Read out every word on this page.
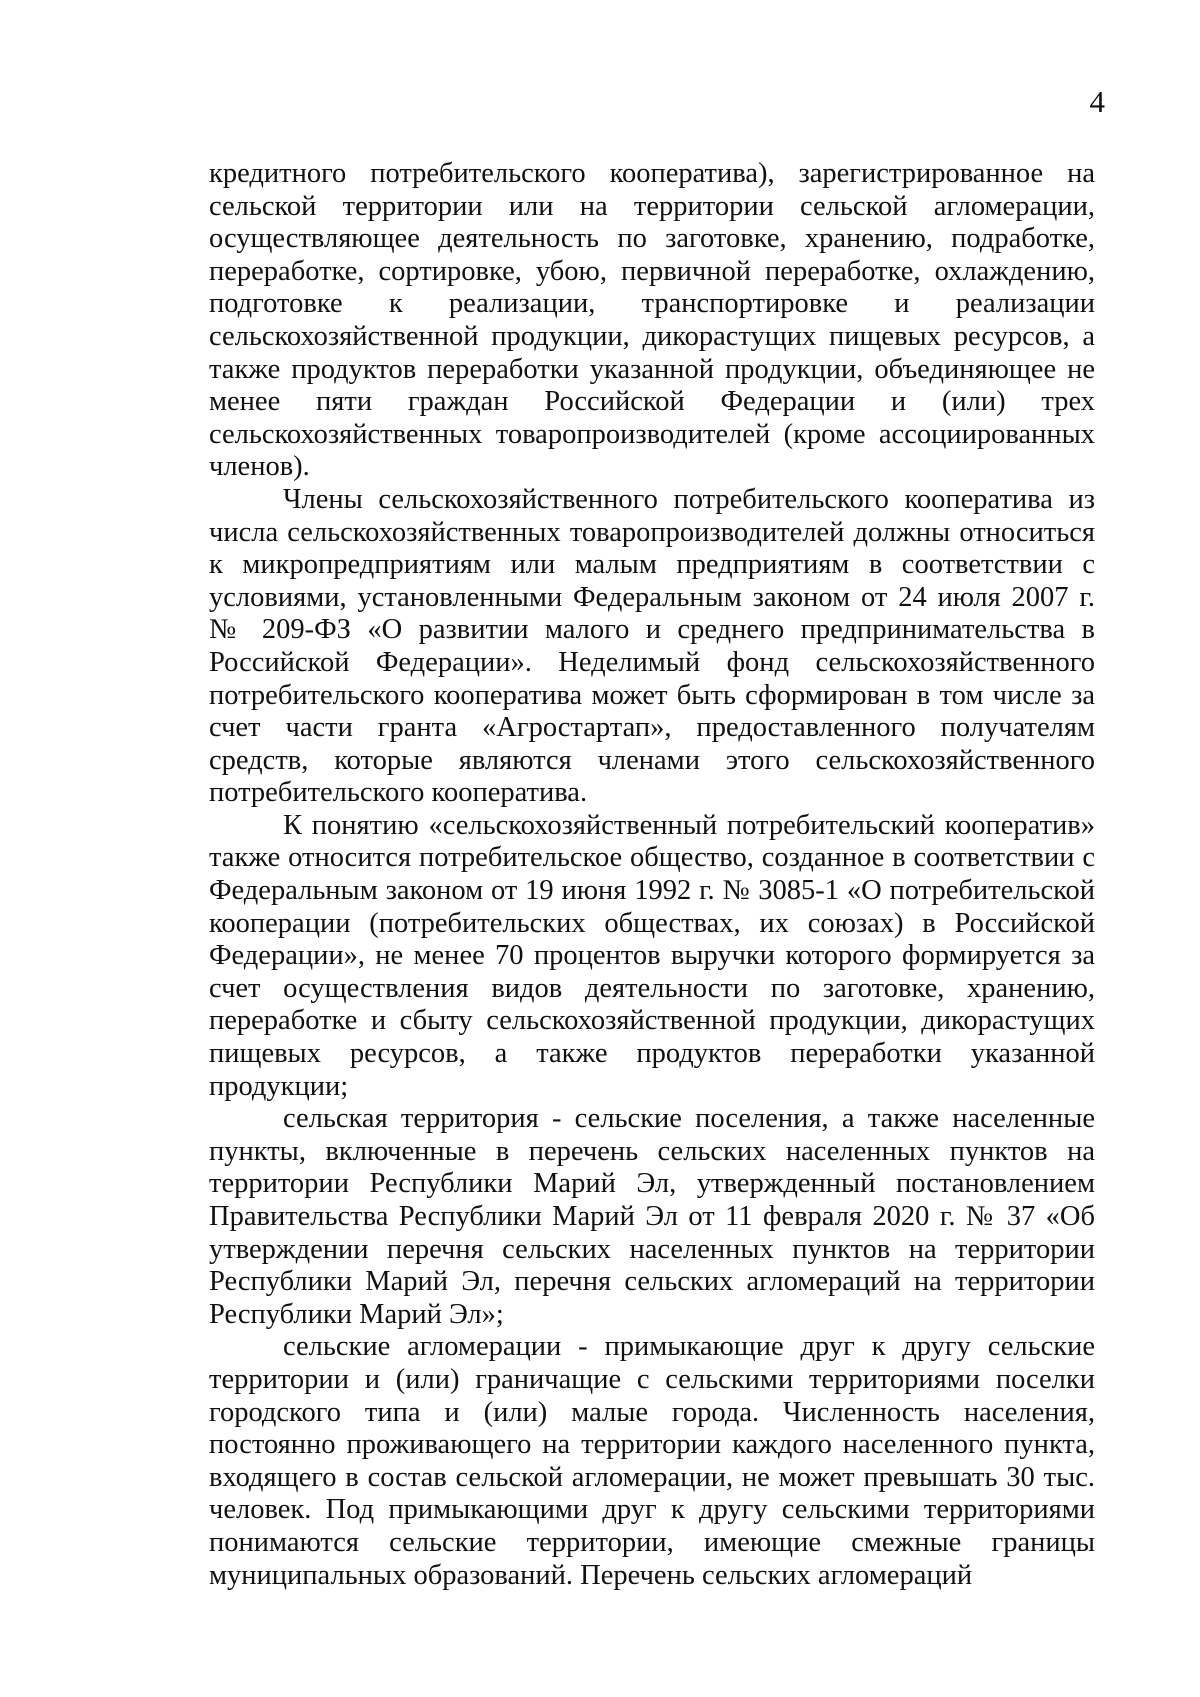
4

кредитного потребительского кооператива), зарегистрированное на сельской территории или на территории сельской агломерации, осуществляющее деятельность по заготовке, хранению, подработке, переработке, сортировке, убою, первичной переработке, охлаждению, подготовке к реализации, транспортировке и реализации сельскохозяйственной продукции, дикорастущих пищевых ресурсов, а также продуктов переработки указанной продукции, объединяющее не менее пяти граждан Российской Федерации и (или) трех сельскохозяйственных товаропроизводителей (кроме ассоциированных членов).

Члены сельскохозяйственного потребительского кооператива из числа сельскохозяйственных товаропроизводителей должны относиться к микропредприятиям или малым предприятиям в соответствии с условиями, установленными Федеральным законом от 24 июля 2007 г. № 209-ФЗ «О развитии малого и среднего предпринимательства в Российской Федерации». Неделимый фонд сельскохозяйственного потребительского кооператива может быть сформирован в том числе за счет части гранта «Агростартап», предоставленного получателям средств, которые являются членами этого сельскохозяйственного потребительского кооператива.

К понятию «сельскохозяйственный потребительский кооператив» также относится потребительское общество, созданное в соответствии с Федеральным законом от 19 июня 1992 г. № 3085-1 «О потребительской кооперации (потребительских обществах, их союзах) в Российской Федерации», не менее 70 процентов выручки которого формируется за счет осуществления видов деятельности по заготовке, хранению, переработке и сбыту сельскохозяйственной продукции, дикорастущих пищевых ресурсов, а также продуктов переработки указанной продукции;

сельская территория - сельские поселения, а также населенные пункты, включенные в перечень сельских населенных пунктов на территории Республики Марий Эл, утвержденный постановлением Правительства Республики Марий Эл от 11 февраля 2020 г. № 37 «Об утверждении перечня сельских населенных пунктов на территории Республики Марий Эл, перечня сельских агломераций на территории Республики Марий Эл»;

сельские агломерации - примыкающие друг к другу сельские территории и (или) граничащие с сельскими территориями поселки городского типа и (или) малые города. Численность населения, постоянно проживающего на территории каждого населенного пункта, входящего в состав сельской агломерации, не может превышать 30 тыс. человек. Под примыкающими друг к другу сельскими территориями понимаются сельские территории, имеющие смежные границы муниципальных образований. Перечень сельских агломераций
